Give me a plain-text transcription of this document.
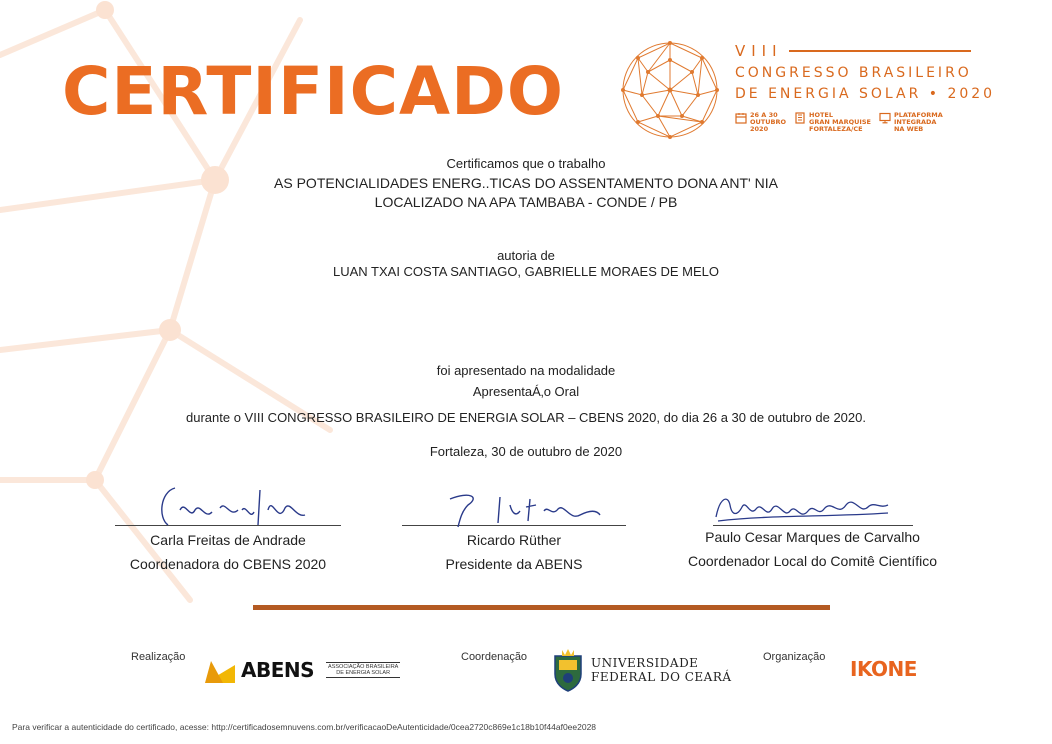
CERTIFICADO
VIII
CONGRESSO BRASILEIRO
DE ENERGIA SOLAR • 2020
26 A 30
OUTUBRO
2020
HOTEL
GRAN MARQUISE
FORTALEZA/CE
PLATAFORMA
INTEGRADA
NA WEB
Certificamos que o trabalho
AS POTENCIALIDADES ENERG..TICAS DO ASSENTAMENTO DONA ANT' NIA
LOCALIZADO NA APA TAMBABA - CONDE / PB
autoria de
LUAN TXAI COSTA SANTIAGO, GABRIELLE MORAES DE MELO
foi apresentado na modalidade
ApresentaÁ‚o Oral
durante o VIII CONGRESSO BRASILEIRO DE ENERGIA SOLAR – CBENS 2020, do dia 26 a 30 de outubro de 2020.
Fortaleza, 30 de outubro de 2020
Carla Freitas de Andrade
Coordenadora do CBENS 2020
Ricardo Rüther
Presidente da ABENS
Paulo Cesar Marques de Carvalho
Coordenador Local do Comitê Científico
Realização
ABENS	ASSOCIAÇÃO BRASILEIRA
DE ENERGIA SOLAR
Coordenação	UNIVERSIDADE
FEDERAL DO CEARÁ
Organização IKONE
Para verificar a autenticidade do certificado, acesse: http://certificadosemnuvens.com.br/verificacaoDeAutenticidade/0cea2720c869e1c18b10f44af0ee2028
